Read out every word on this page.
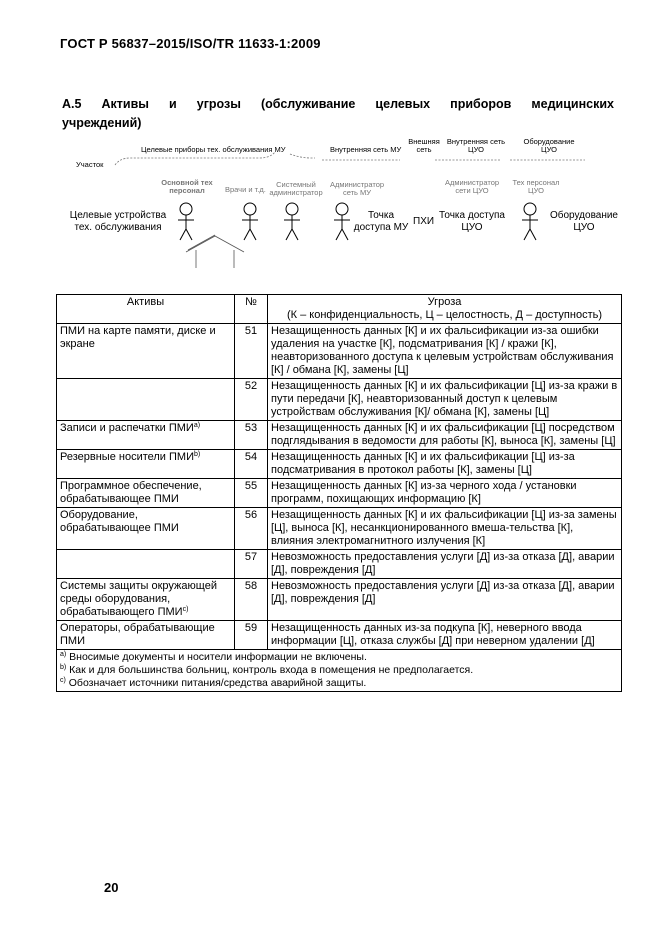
ГОСТ Р 56837–2015/ISO/TR 11633-1:2009
А.5 Активы и угрозы (обслуживание целевых приборов медицинских
учреждений)
Участок
Целевые приборы тех. обслуживания МУ	Внутренняя сеть МУ
Внешняя сеть
Внутренняя сеть ЦУО
Оборудование ЦУО
Основной тех персонал	Врачи и т.д.
Системный администратор
Администратор сеть МУ
Администратор сети ЦУО
Тех персонал ЦУО
Целевые устройства тех. обслуживания
Точка доступа МУ
ПХИ
Точка доступа ЦУО
Оборудование ЦУО
Активы	№	Угроза
(К – конфиденциальность, Ц – целостность, Д – доступность)
ПМИ на карте памяти, диске и экране	51	Незащищенность данных [К] и их фальсификации из-за ошибки удаления на участке [К], подсматривания [К] / кражи [К], неавторизованного доступа к целевым устройствам обслуживания [К] / обмана [К], замены [Ц]
	52	Незащищенность данных [К] и их фальсификации [Ц] из-за кражи в пути передачи [К], неавторизованный доступ к целевым устройствам обслуживания [К]/ обмана [К], замены [Ц]
Записи и распечатки $ПМИ^{а)}$	53	Незащищенность данных [К] и их фальсификации [Ц] посредством подглядывания в ведомости для работы [К], выноса [К], замены [Ц]
Резервные носители ПМИ$^{b)}$	54	Незащищенность данных [К] и их фальсификации [Ц] из-за подсматривания в протокол работы [К], замены [Ц]
Программное обеспечение, обрабатывающее ПМИ	55	Незащищенность данных [К] из-за черного хода / установки программ, похищающих информацию [К]
Оборудование, обрабатывающее ПМИ	56	Незащищенность данных [К] и их фальсификации [Ц] из-за замены [Ц], выноса [К], несанкционированного вмеша-тельства [К], влияния электромагнитного излучения [К]
	57	Невозможность предоставления услуги [Д] из-за отказа [Д], аварии [Д], повреждения [Д]
Системы защиты окружающей среды оборудования, обрабатывающего $ПМИ^{с)}$	58	Невозможность предоставления услуги [Д] из-за отказа [Д], аварии [Д], повреждения [Д]
Операторы, обрабатывающие ПМИ	59	Незащищенность данных из-за подкупа [К], неверного ввода информации [Ц], отказа службы [Д] при неверном удалении [Д]

$^{а)}$ Вносимые документы и носители информации не включены.
$^{b)}$ Как и для большинства больниц, контроль входа в помещения не предполагается.
$^{с)}$ Обозначает источники питания/средства аварийной защиты.		
20
